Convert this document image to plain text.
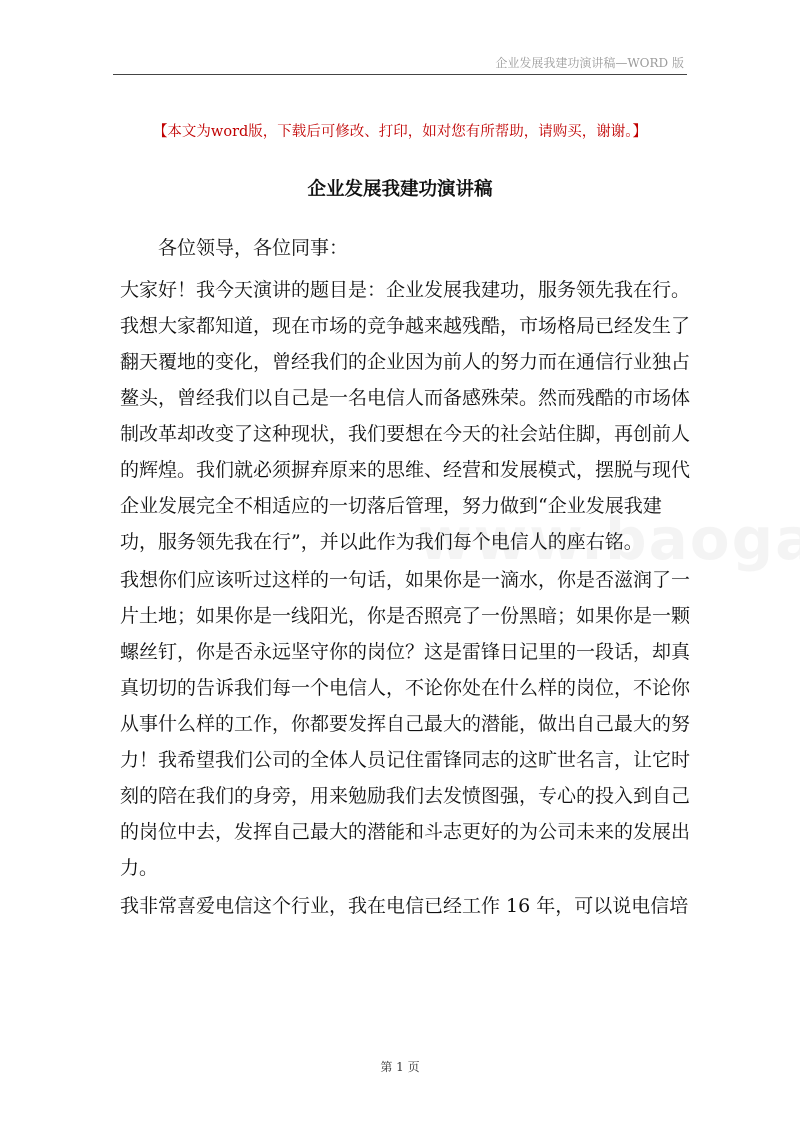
企业发展我建功演讲稿—WORD 版
【本文为word版，下载后可修改、打印，如对您有所帮助，请购买，谢谢。】
企业发展我建功演讲稿

各位领导，各位同事：

大家好！我今天演讲的题目是：企业发展我建功，服务领先我在行。我想大家都知道，现在市场的竞争越来越残酷，市场格局已经发生了翻天覆地的变化，曾经我们的企业因为前人的努力而在通信行业独占鳌头，曾经我们以自己是一名电信人而备感殊荣。然而残酷的市场体制改革却改变了这种现状，我们要想在今天的社会站住脚，再创前人的辉煌。我们就必须摒弃原来的思维、经营和发展模式，摆脱与现代企业发展完全不相适应的一切落后管理，努力做到“企业发展我建功，服务领先我在行”，并以此作为我们每个电信人的座右铭。

我想你们应该听过这样的一句话，如果你是一滴水，你是否滋润了一片土地；如果你是一线阳光，你是否照亮了一份黑暗；如果你是一颗螺丝钉，你是否永远坚守你的岗位？这是雷锋日记里的一段话，却真真切切的告诉我们每一个电信人，不论你处在什么样的岗位，不论你从事什么样的工作，你都要发挥自己最大的潜能，做出自己最大的努力！我希望我们公司的全体人员记住雷锋同志的这旷世名言，让它时刻的陪在我们的身旁，用来勉励我们去发愤图强，专心的投入到自己的岗位中去，发挥自己最大的潜能和斗志更好的为公司未来的发展出力。

我非常喜爱电信这个行业，我在电信已经工作 16 年，可以说电信培

第 1 页
